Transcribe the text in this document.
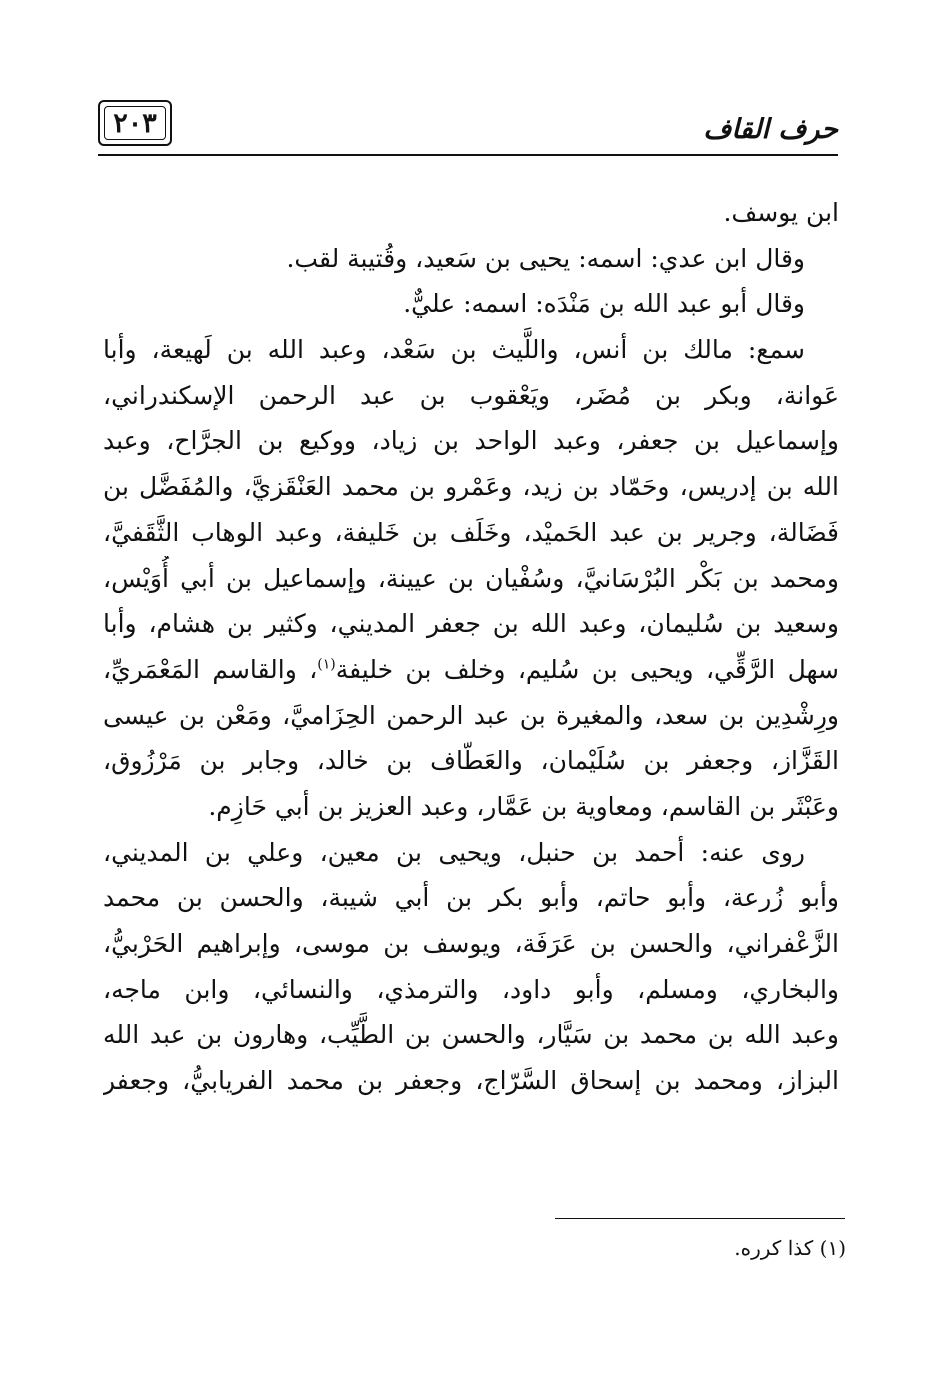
حرف القاف
٢٠٣
ابن يوسف.
وقال ابن عدي: اسمه: يحيى بن سَعيد، وقُتيبة لقب.
وقال أبو عبد الله بن مَنْدَه: اسمه: عليٌّ.
سمع: مالك بن أنس، واللَّيث بن سَعْد، وعبد الله بن لَهيعة، وأبا
عَوانة، وبكر بن مُضَر، ويَعْقوب بن عبد الرحمن الإسكندراني،
وإسماعيل بن جعفر، وعبد الواحد بن زياد، ووكيع بن الجرَّاح، وعبد
الله بن إدريس، وحَمّاد بن زيد، وعَمْرو بن محمد العَنْقَزيَّ، والمُفَضَّل بن
فَضَالة، وجرير بن عبد الحَميْد، وخَلَف بن خَليفة، وعبد الوهاب الثَّقَفيَّ،
ومحمد بن بَكْر البُرْسَانيَّ، وسُفْيان بن عيينة، وإسماعيل بن أبي أُوَيْس،
وسعيد بن سُليمان، وعبد الله بن جعفر المديني، وكثير بن هشام، وأبا
سهل الرَّقِّي، ويحيى بن سُليم، وخلف بن خليفة$^{(١)}$، والقاسم المَعْمَريِّ،
ورِشْدِين بن سعد، والمغيرة بن عبد الرحمن الحِزَاميَّ، ومَعْن بن عيسى
القَزَّاز، وجعفر بن سُلَيْمان، والعَطّاف بن خالد، وجابر بن مَرْزُوق،
وعَبْثَر بن القاسم، ومعاوية بن عَمَّار، وعبد العزيز بن أبي حَازِم.
روى عنه: أحمد بن حنبل، ويحيى بن معين، وعلي بن المديني،
وأبو زُرعة، وأبو حاتم، وأبو بكر بن أبي شيبة، والحسن بن محمد
الزَّعْفراني، والحسن بن عَرَفَة، ويوسف بن موسى، وإبراهيم الحَرْبيُّ،
والبخاري، ومسلم، وأبو داود، والترمذي، والنسائي، وابن ماجه،
وعبد الله بن محمد بن سَيَّار، والحسن بن الطَّيِّب، وهارون بن عبد الله
البزاز، ومحمد بن إسحاق السَّرّاج، وجعفر بن محمد الفريابيُّ، وجعفر
(١) كذا كرره.
